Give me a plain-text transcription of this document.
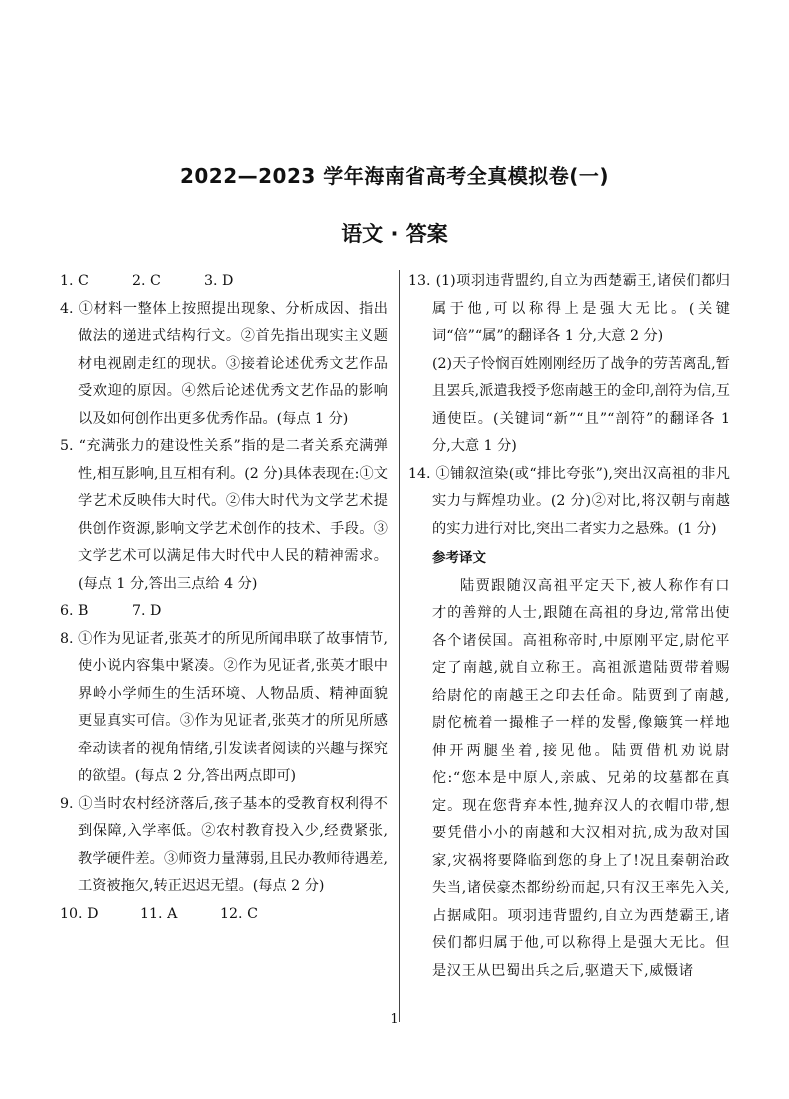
2022—2023 学年海南省高考全真模拟卷(一)
语文 · 答案
1. C	2. C	3. D

4. ①材料一整体上按照提出现象、分析成因、指出做法的递进式结构行文。②首先指出现实主义题材电视剧走红的现状。③接着论述优秀文艺作品受欢迎的原因。④然后论述优秀文艺作品的影响以及如何创作出更多优秀作品。(每点 1 分)

5. “充满张力的建设性关系”指的是二者关系充满弹性,相互影响,且互相有利。(2 分)具体表现在:①文学艺术反映伟大时代。②伟大时代为文学艺术提供创作资源,影响文学艺术创作的技术、手段。③文学艺术可以满足伟大时代中人民的精神需求。(每点 1 分,答出三点给 4 分)

6. B	7. D

8. ①作为见证者,张英才的所见所闻串联了故事情节,使小说内容集中紧凑。②作为见证者,张英才眼中界岭小学师生的生活环境、人物品质、精神面貌更显真实可信。③作为见证者,张英才的所见所感牵动读者的视角情绪,引发读者阅读的兴趣与探究的欲望。(每点 2 分,答出两点即可)

9. ①当时农村经济落后,孩子基本的受教育权利得不到保障,入学率低。②农村教育投入少,经费紧张,教学硬件差。③师资力量薄弱,且民办教师待遇差,工资被拖欠,转正迟迟无望。(每点 2 分)

10. D	11. A	12. C

13. (1)项羽违背盟约,自立为西楚霸王,诸侯们都归属于他,可以称得上是强大无比。(关键词“倍”“属”的翻译各 1 分,大意 2 分)

(2)天子怜悯百姓刚刚经历了战争的劳苦离乱,暂且罢兵,派遣我授予您南越王的金印,剖符为信,互通使臣。(关键词“新”“且”“剖符”的翻译各 1 分,大意 1 分)

14. ①铺叙渲染(或“排比夸张”),突出汉高祖的非凡实力与辉煌功业。(2 分)②对比,将汉朝与南越的实力进行对比,突出二者实力之悬殊。(1 分)

参考译文

陆贾跟随汉高祖平定天下,被人称作有口才的善辩的人士,跟随在高祖的身边,常常出使各个诸侯国。高祖称帝时,中原刚平定,尉佗平定了南越,就自立称王。高祖派遣陆贾带着赐给尉佗的南越王之印去任命。陆贾到了南越,尉佗梳着一撮椎子一样的发髻,像簸箕一样地伸开两腿坐着,接见他。陆贾借机劝说尉佗:“您本是中原人,亲戚、兄弟的坟墓都在真定。现在您背弃本性,抛弃汉人的衣帽巾带,想要凭借小小的南越和大汉相对抗,成为敌对国家,灾祸将要降临到您的身上了!况且秦朝治政失当,诸侯豪杰都纷纷而起,只有汉王率先入关,占据咸阳。项羽违背盟约,自立为西楚霸王,诸侯们都归属于他,可以称得上是强大无比。但是汉王从巴蜀出兵之后,驱遣天下,威慑诸

1
